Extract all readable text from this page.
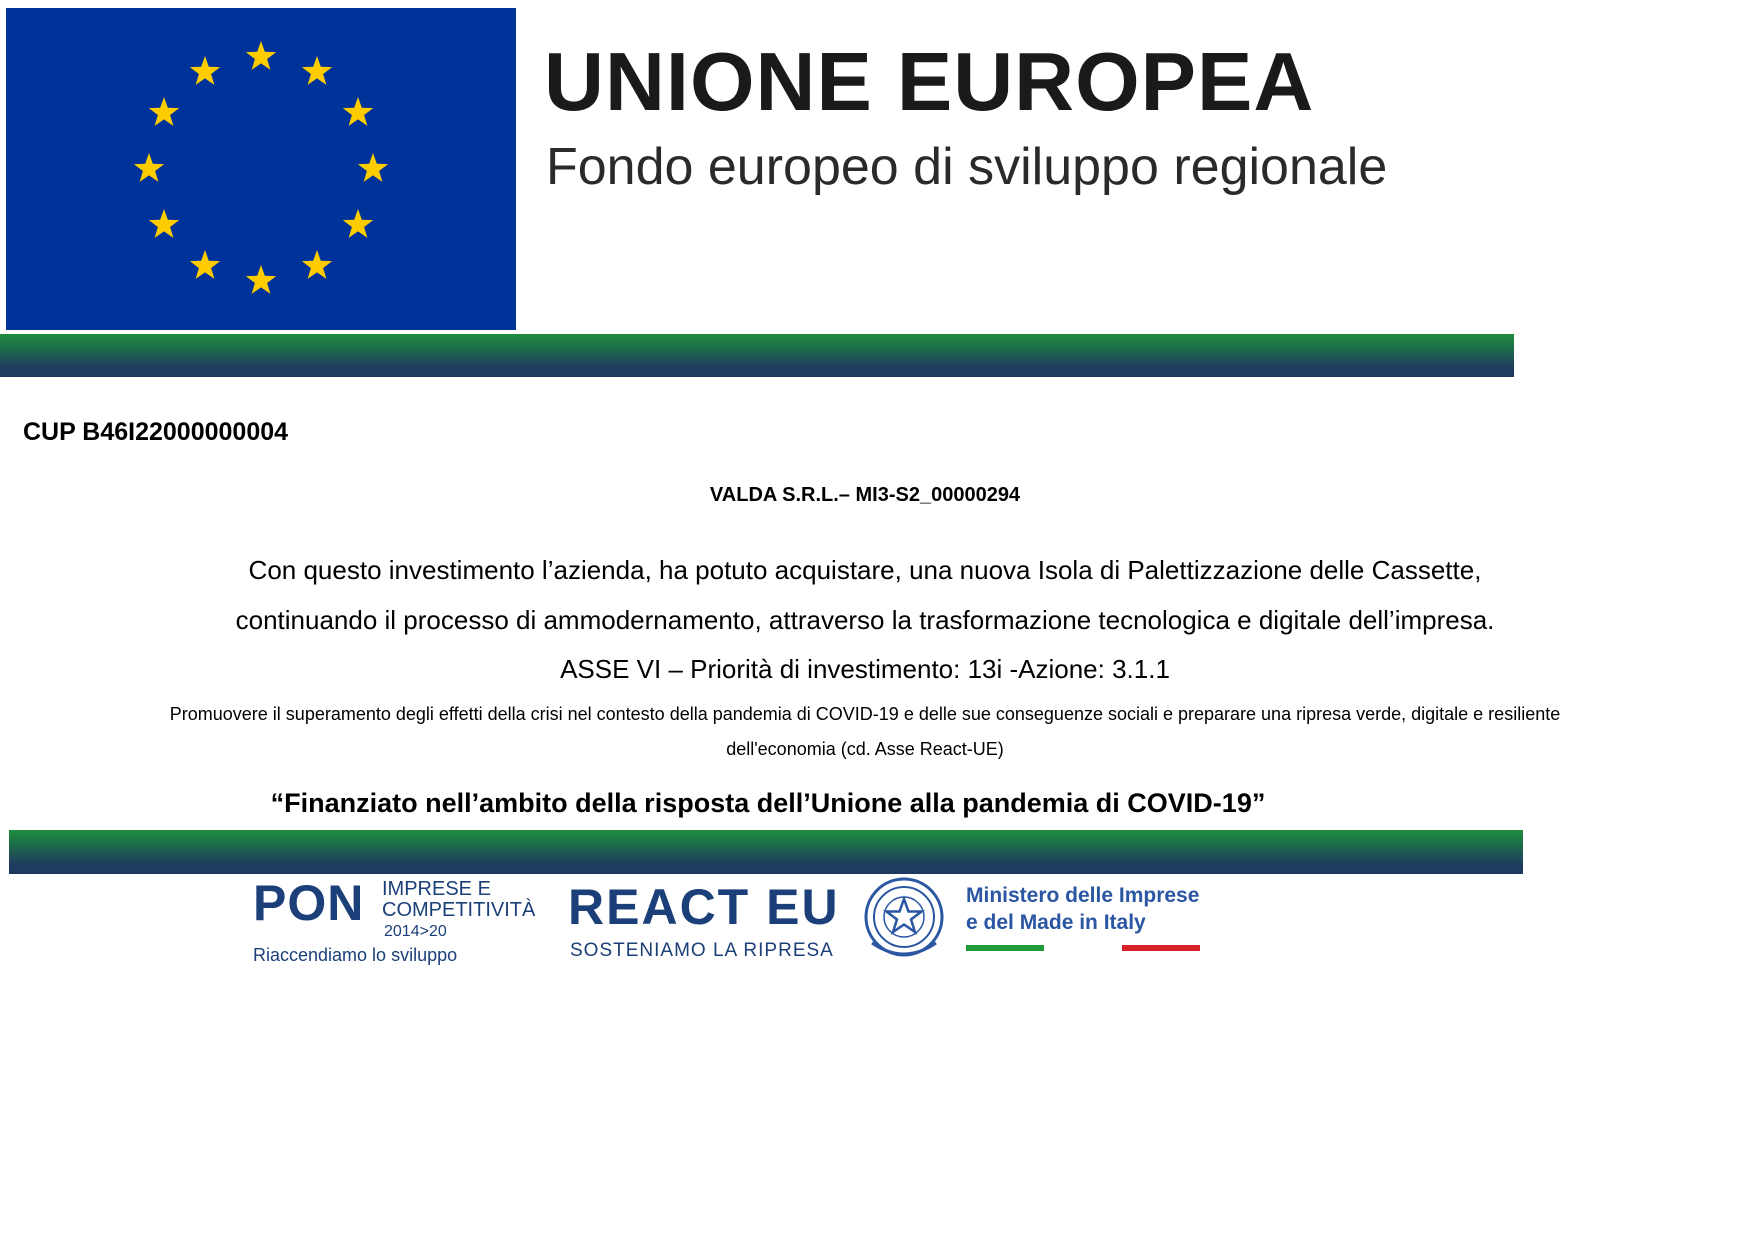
UNIONE EUROPEA
Fondo europeo di sviluppo regionale
CUP B46I22000000004
VALDA S.R.L.– MI3-S2_00000294
Con questo investimento l’azienda, ha potuto acquistare, una nuova Isola di Palettizzazione delle Cassette,
continuando il processo di ammodernamento, attraverso la trasformazione tecnologica e digitale dell’impresa.
ASSE VI – Priorità di investimento: 13i -Azione: 3.1.1
Promuovere il superamento degli effetti della crisi nel contesto della pandemia di COVID-19 e delle sue conseguenze sociali e preparare una ripresa verde, digitale e resiliente
dell'economia (cd. Asse React-UE)
“Finanziato nell’ambito della risposta dell’Unione alla pandemia di COVID-19”
PON IMPRESE E
COMPETITIVITÀ
2014>20
Riaccendiamo lo sviluppo
REACT EU
SOSTENIAMO LA RIPRESA
Ministero delle Imprese
e del Made in Italy
